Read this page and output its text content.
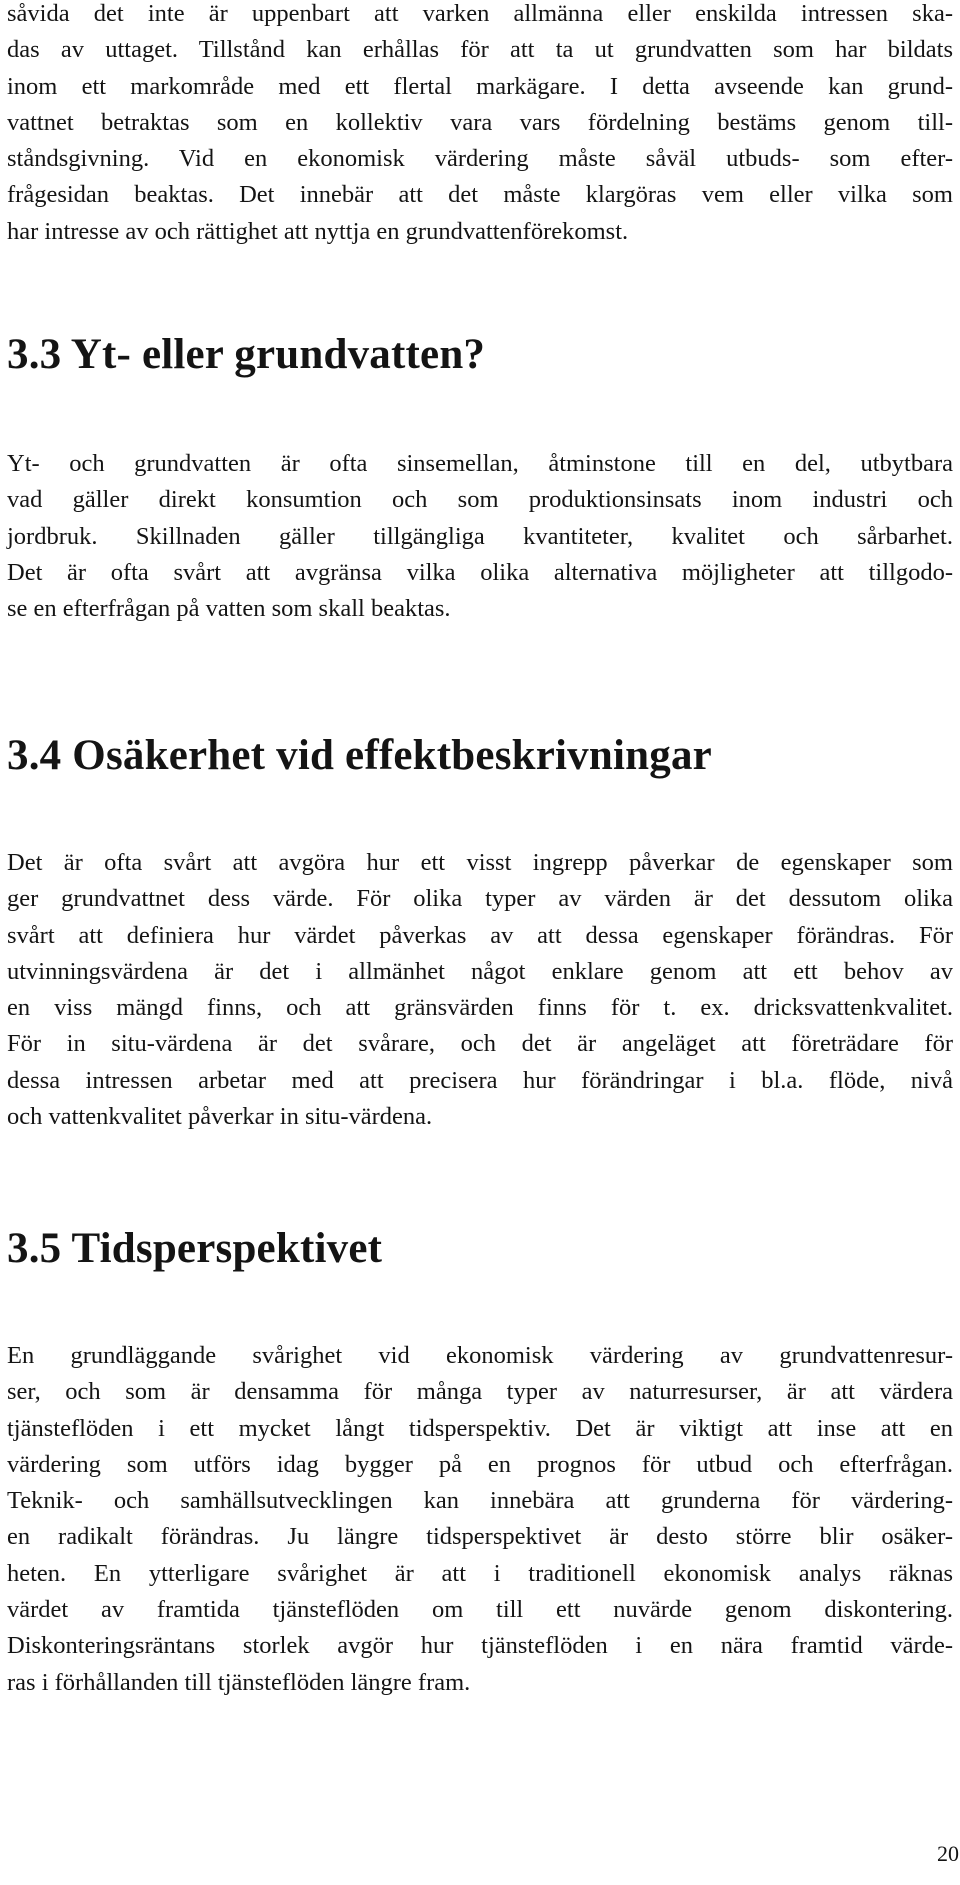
såvida det inte är uppenbart att varken allmänna eller enskilda intressen ska-
das av uttaget. Tillstånd kan erhållas för att ta ut grundvatten som har bildats
inom ett markområde med ett flertal markägare. I detta avseende kan grund-
vattnet betraktas som en kollektiv vara vars fördelning bestäms genom till-
ståndsgivning. Vid en ekonomisk värdering måste såväl utbuds- som efter-
frågesidan beaktas. Det innebär att det måste klargöras vem eller vilka som
har intresse av och rättighet att nyttja en grundvattenförekomst.
3.3 Yt- eller grundvatten?
Yt- och grundvatten är ofta sinsemellan, åtminstone till en del, utbytbara
vad gäller direkt konsumtion och som produktionsinsats inom industri och
jordbruk. Skillnaden gäller tillgängliga kvantiteter, kvalitet och sårbarhet.
Det är ofta svårt att avgränsa vilka olika alternativa möjligheter att tillgodo-
se en efterfrågan på vatten som skall beaktas.
3.4 Osäkerhet vid effektbeskrivningar
Det är ofta svårt att avgöra hur ett visst ingrepp påverkar de egenskaper som
ger grundvattnet dess värde. För olika typer av värden är det dessutom olika
svårt att definiera hur värdet påverkas av att dessa egenskaper förändras. För
utvinningsvärdena är det i allmänhet något enklare genom att ett behov av
en viss mängd finns, och att gränsvärden finns för t. ex. dricksvattenkvalitet.
För in situ-värdena är det svårare, och det är angeläget att företrädare för
dessa intressen arbetar med att precisera hur förändringar i bl.a. flöde, nivå
och vattenkvalitet påverkar in situ-värdena.
3.5 Tidsperspektivet
En grundläggande svårighet vid ekonomisk värdering av grundvattenresur-
ser, och som är densamma för många typer av naturresurser, är att värdera
tjänsteflöden i ett mycket långt tidsperspektiv. Det är viktigt att inse att en
värdering som utförs idag bygger på en prognos för utbud och efterfrågan.
Teknik- och samhällsutvecklingen kan innebära att grunderna för värdering-
en radikalt förändras. Ju längre tidsperspektivet är desto större blir osäker-
heten. En ytterligare svårighet är att i traditionell ekonomisk analys räknas
värdet av framtida tjänsteflöden om till ett nuvärde genom diskontering.
Diskonteringsräntans storlek avgör hur tjänsteflöden i en nära framtid värde-
ras i förhållanden till tjänsteflöden längre fram.
20
